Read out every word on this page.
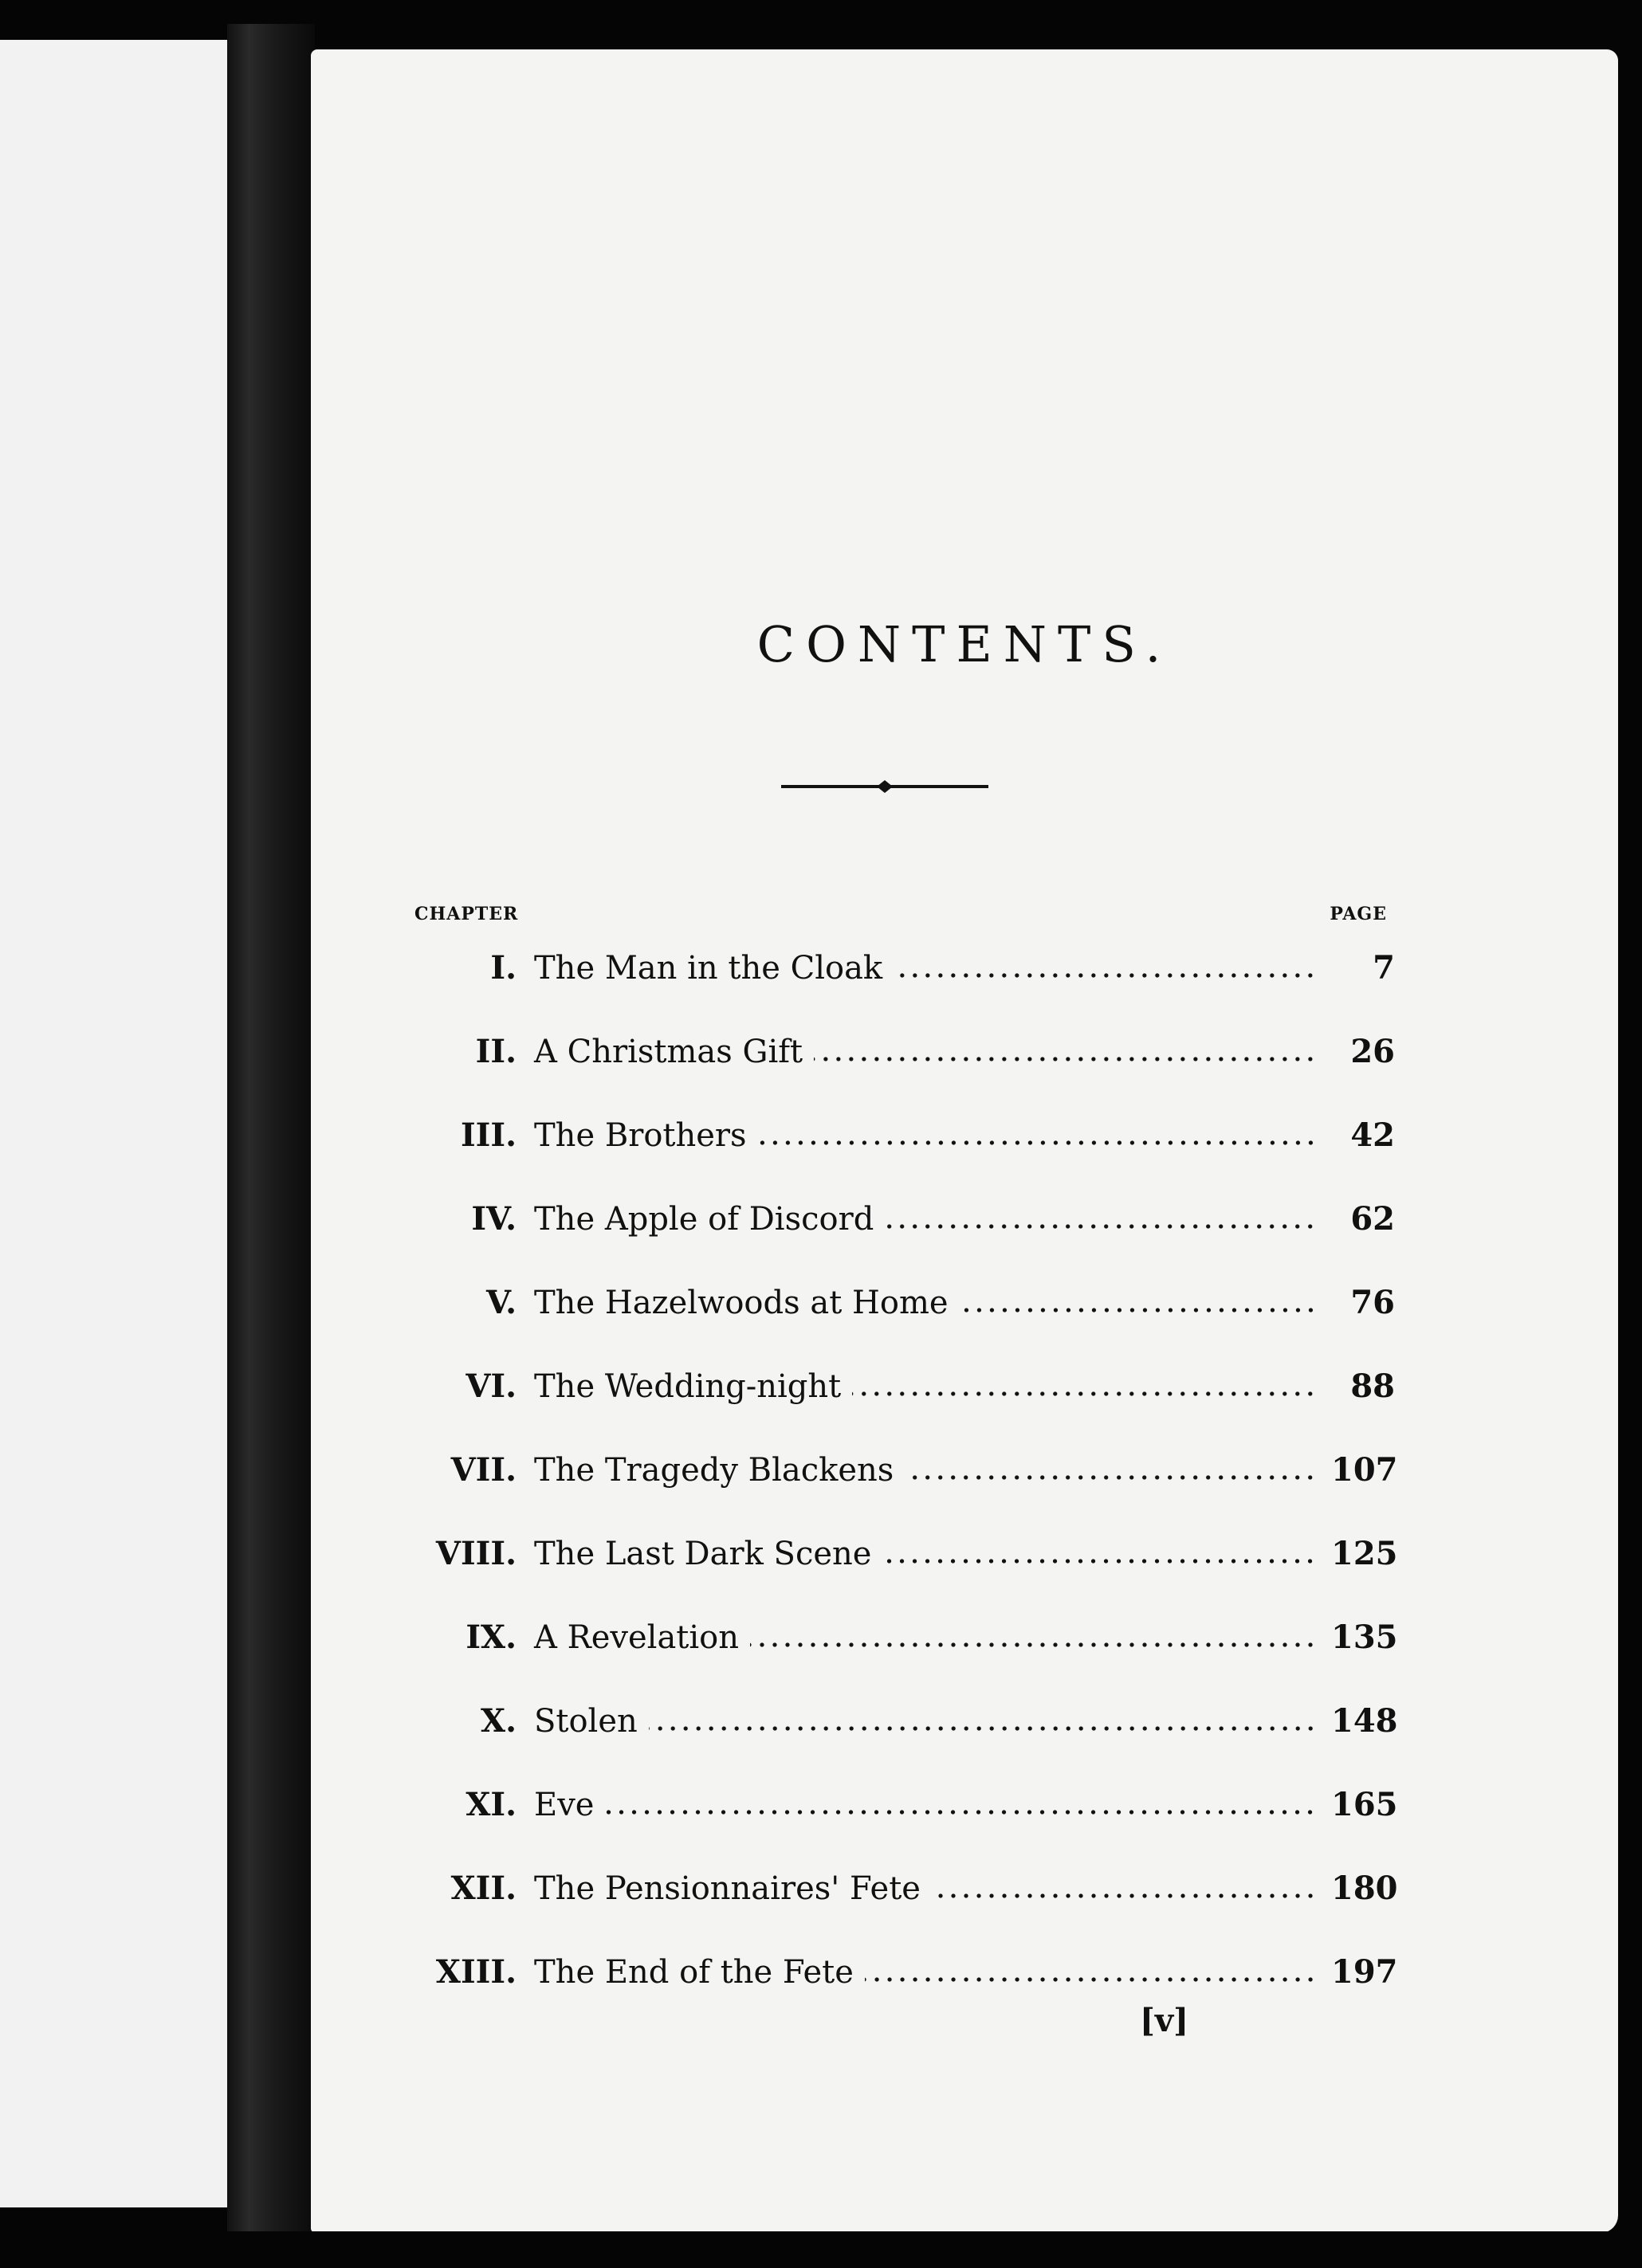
CONTENTS.
CHAPTER	PAGE
I. The Man in the Cloak	7
II. A Christmas Gift	26
III. The Brothers	42
IV. The Apple of Discord	62
V. The Hazelwoods at Home	76
VI. The Wedding-night	88
VII. The Tragedy Blackens	107
VIII. The Last Dark Scene	125
IX. A Revelation	135
X. Stolen	148
XI. Eve	165
XII. The Pensionnaires' Fete	180
XIII. The End of the Fete	197
[v]
